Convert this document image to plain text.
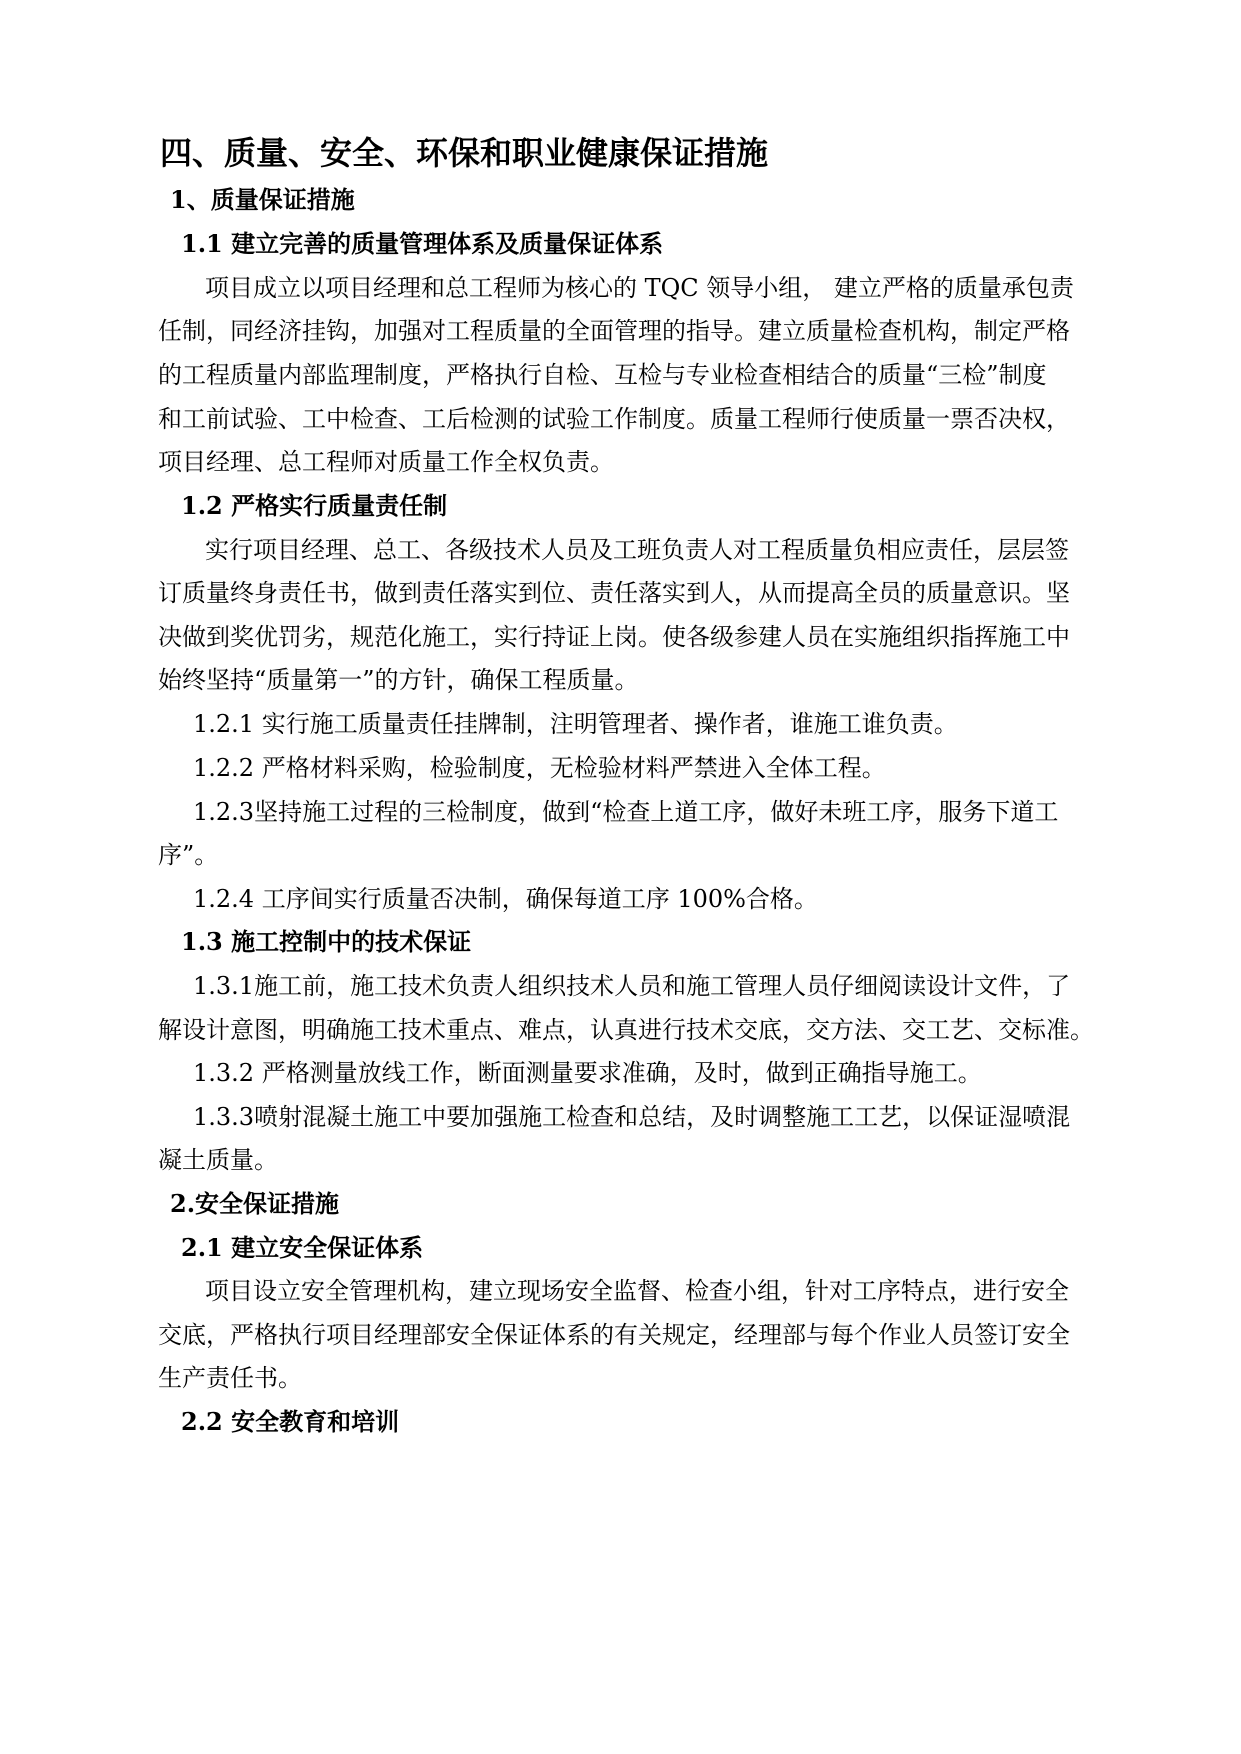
四、质量、安全、环保和职业健康保证措施
1、质量保证措施
1.1 建立完善的质量管理体系及质量保证体系
项目成立以项目经理和总工程师为核心的 TQC 领导小组， 建立严格的质量承包责
任制，同经济挂钩，加强对工程质量的全面管理的指导。建立质量检查机构，制定严格
的工程质量内部监理制度，严格执行自检、互检与专业检查相结合的质量“三检”制度
和工前试验、工中检查、工后检测的试验工作制度。质量工程师行使质量一票否决权，
项目经理、总工程师对质量工作全权负责。
1.2 严格实行质量责任制
实行项目经理、总工、各级技术人员及工班负责人对工程质量负相应责任，层层签
订质量终身责任书，做到责任落实到位、责任落实到人，从而提高全员的质量意识。坚
决做到奖优罚劣，规范化施工，实行持证上岗。使各级参建人员在实施组织指挥施工中
始终坚持“质量第一”的方针，确保工程质量。
1.2.1 实行施工质量责任挂牌制，注明管理者、操作者，谁施工谁负责。
1.2.2 严格材料采购，检验制度，无检验材料严禁进入全体工程。
1.2.3坚持施工过程的三检制度，做到“检查上道工序，做好未班工序，服务下道工
序”。
1.2.4 工序间实行质量否决制，确保每道工序 100%合格。
1.3 施工控制中的技术保证
1.3.1施工前，施工技术负责人组织技术人员和施工管理人员仔细阅读设计文件，了
解设计意图，明确施工技术重点、难点，认真进行技术交底，交方法、交工艺、交标准。
1.3.2 严格测量放线工作，断面测量要求准确，及时，做到正确指导施工。
1.3.3喷射混凝土施工中要加强施工检查和总结，及时调整施工工艺，以保证湿喷混
凝土质量。
2.安全保证措施
2.1 建立安全保证体系
项目设立安全管理机构，建立现场安全监督、检查小组，针对工序特点，进行安全
交底，严格执行项目经理部安全保证体系的有关规定，经理部与每个作业人员签订安全
生产责任书。
2.2 安全教育和培训
